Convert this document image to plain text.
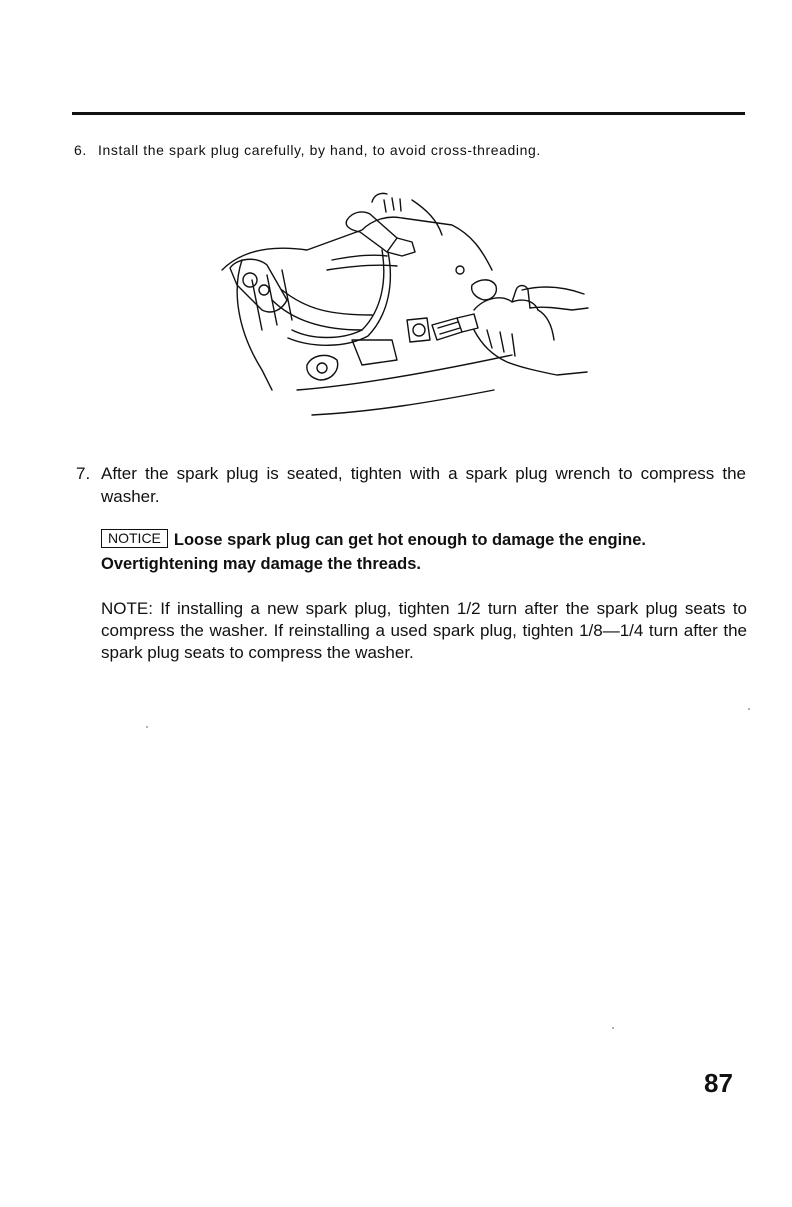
6. Install the spark plug carefully, by hand, to avoid cross-threading.
7. After the spark plug is seated, tighten with a spark plug wrench to compress the washer.
NOTICE Loose spark plug can get hot enough to damage the engine. Overtightening may damage the threads.
NOTE: If installing a new spark plug, tighten 1/2 turn after the spark plug seats to compress the washer. If reinstalling a used spark plug, tighten 1/8—1/4 turn after the spark plug seats to compress the washer.
87
